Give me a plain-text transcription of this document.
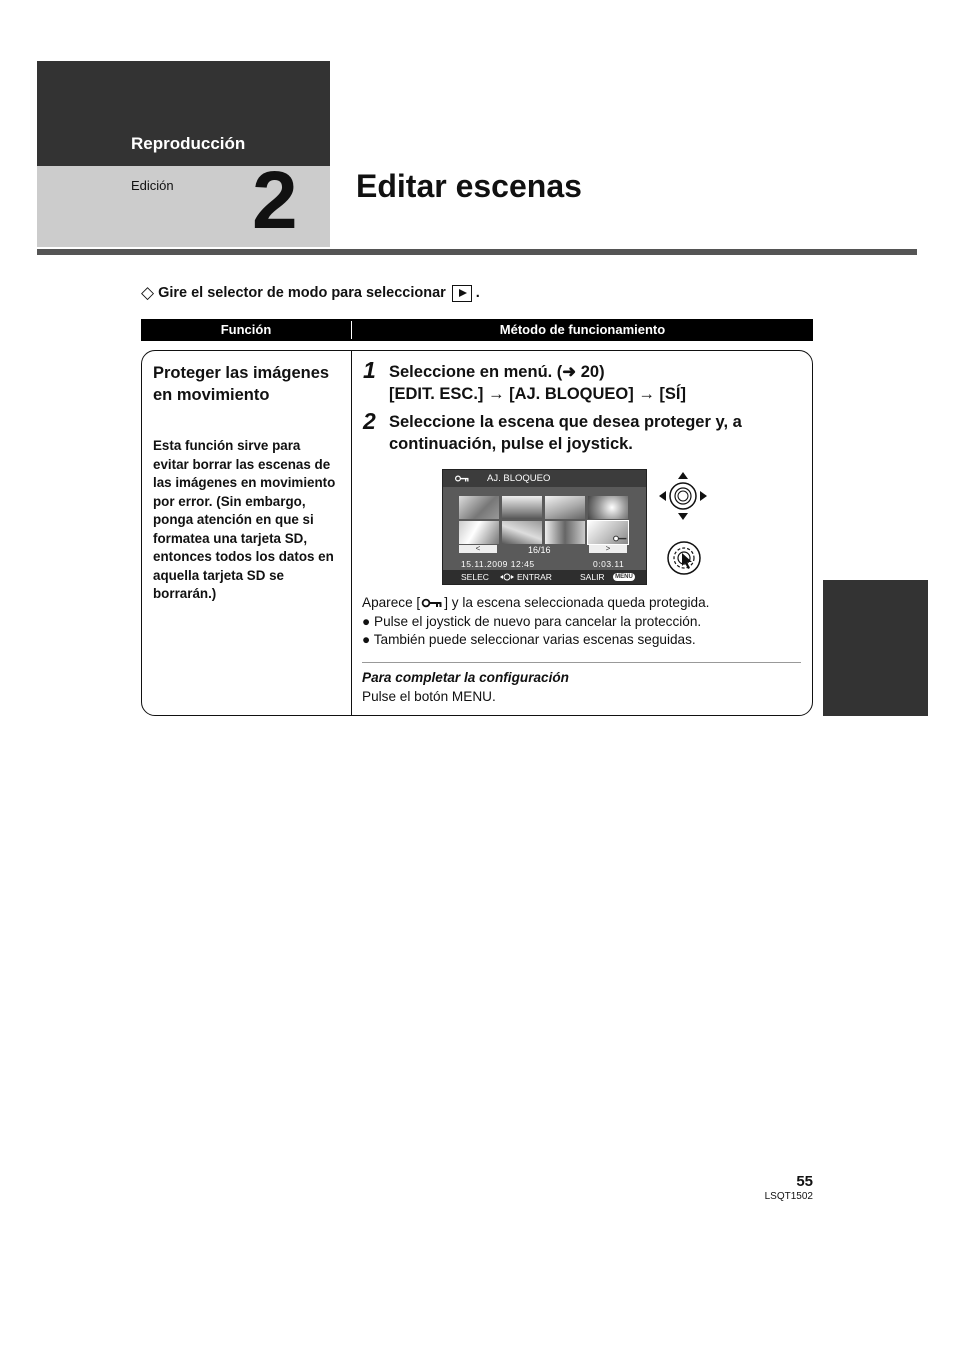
Reproducción
Edición 2 Editar escenas
◇ Gire el selector de modo para seleccionar .
Función	Método de funcionamiento
Proteger las imágenes en movimiento
Esta función sirve para evitar borrar las escenas de las imágenes en movimiento por error. (Sin embargo, ponga atención en que si formatea una tarjeta SD, entonces todos los datos en aquella tarjeta SD se borrarán.)
1 Seleccione en menú. (➜ 20)
[EDIT. ESC.] → [AJ. BLOQUEO] → [SÍ]
2 Seleccione la escena que desea proteger y, a continuación, pulse el joystick.
AJ. BLOQUEO
<	16/16	>
15.11.2009 12:45	0:03.11
SELEC	ENTRAR	SALIR	MENU
Aparece [ ] y la escena seleccionada queda protegida.
● Pulse el joystick de nuevo para cancelar la protección.
● También puede seleccionar varias escenas seguidas.
Para completar la configuración
Pulse el botón MENU.
55
LSQT1502
